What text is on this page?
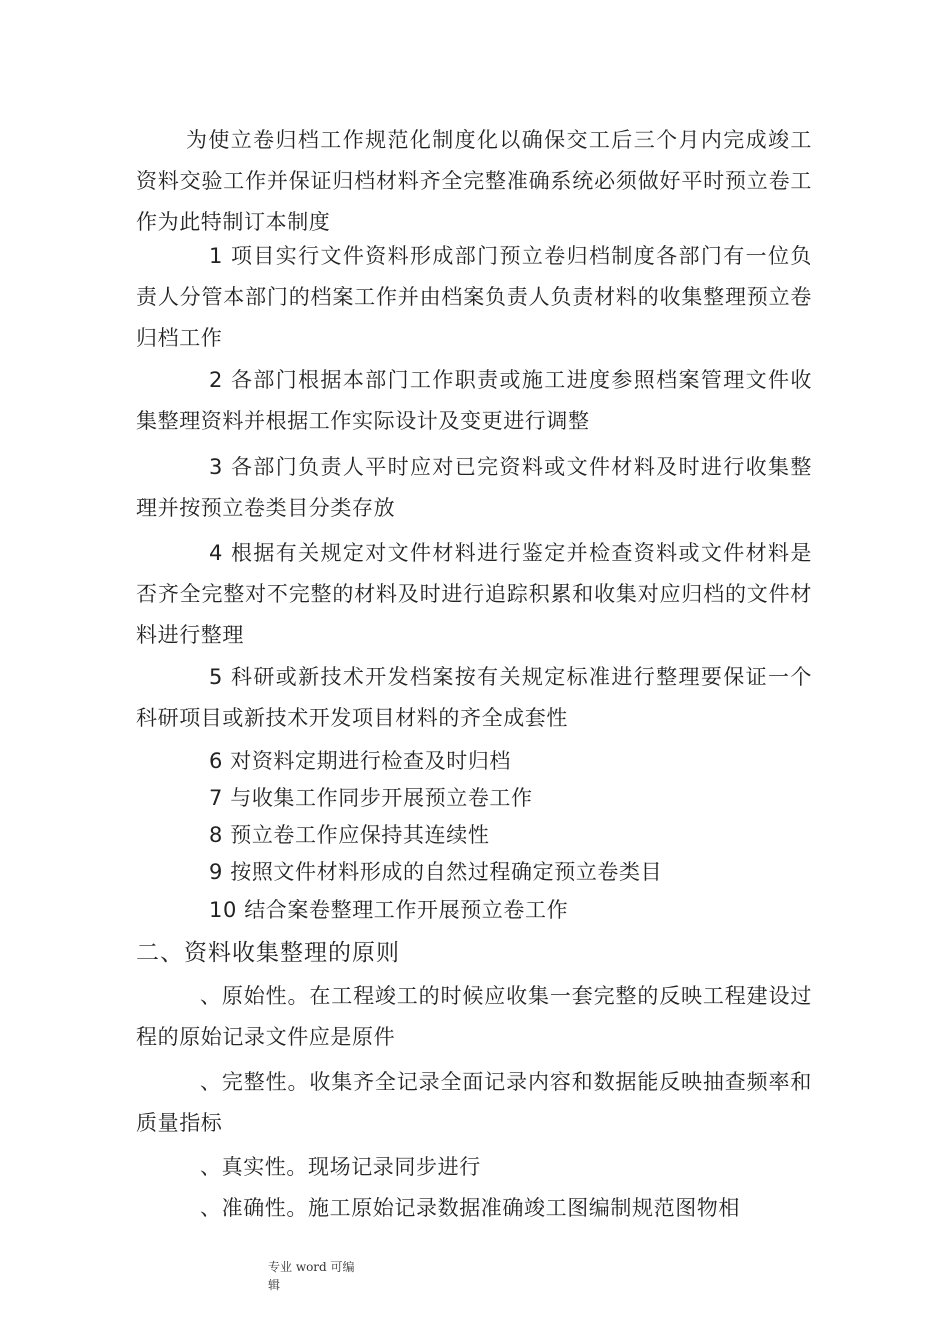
为使立卷归档工作规范化制度化以确保交工后三个月内完成竣工资料交验工作并保证归档材料齐全完整准确系统必须做好平时预立卷工作为此特制订本制度

1 项目实行文件资料形成部门预立卷归档制度各部门有一位负责人分管本部门的档案工作并由档案负责人负责材料的收集整理预立卷归档工作

2 各部门根据本部门工作职责或施工进度参照档案管理文件收集整理资料并根据工作实际设计及变更进行调整

3 各部门负责人平时应对已完资料或文件材料及时进行收集整理并按预立卷类目分类存放

4 根据有关规定对文件材料进行鉴定并检查资料或文件材料是否齐全完整对不完整的材料及时进行追踪积累和收集对应归档的文件材料进行整理

5 科研或新技术开发档案按有关规定标准进行整理要保证一个科研项目或新技术开发项目材料的齐全成套性

6 对资料定期进行检查及时归档

7 与收集工作同步开展预立卷工作

8 预立卷工作应保持其连续性

9 按照文件材料形成的自然过程确定预立卷类目

10 结合案卷整理工作开展预立卷工作

二、资料收集整理的原则

、原始性。在工程竣工的时候应收集一套完整的反映工程建设过程的原始记录文件应是原件

、完整性。收集齐全记录全面记录内容和数据能反映抽查频率和质量指标

、真实性。现场记录同步进行

、准确性。施工原始记录数据准确竣工图编制规范图物相

专业 word 可编辑
